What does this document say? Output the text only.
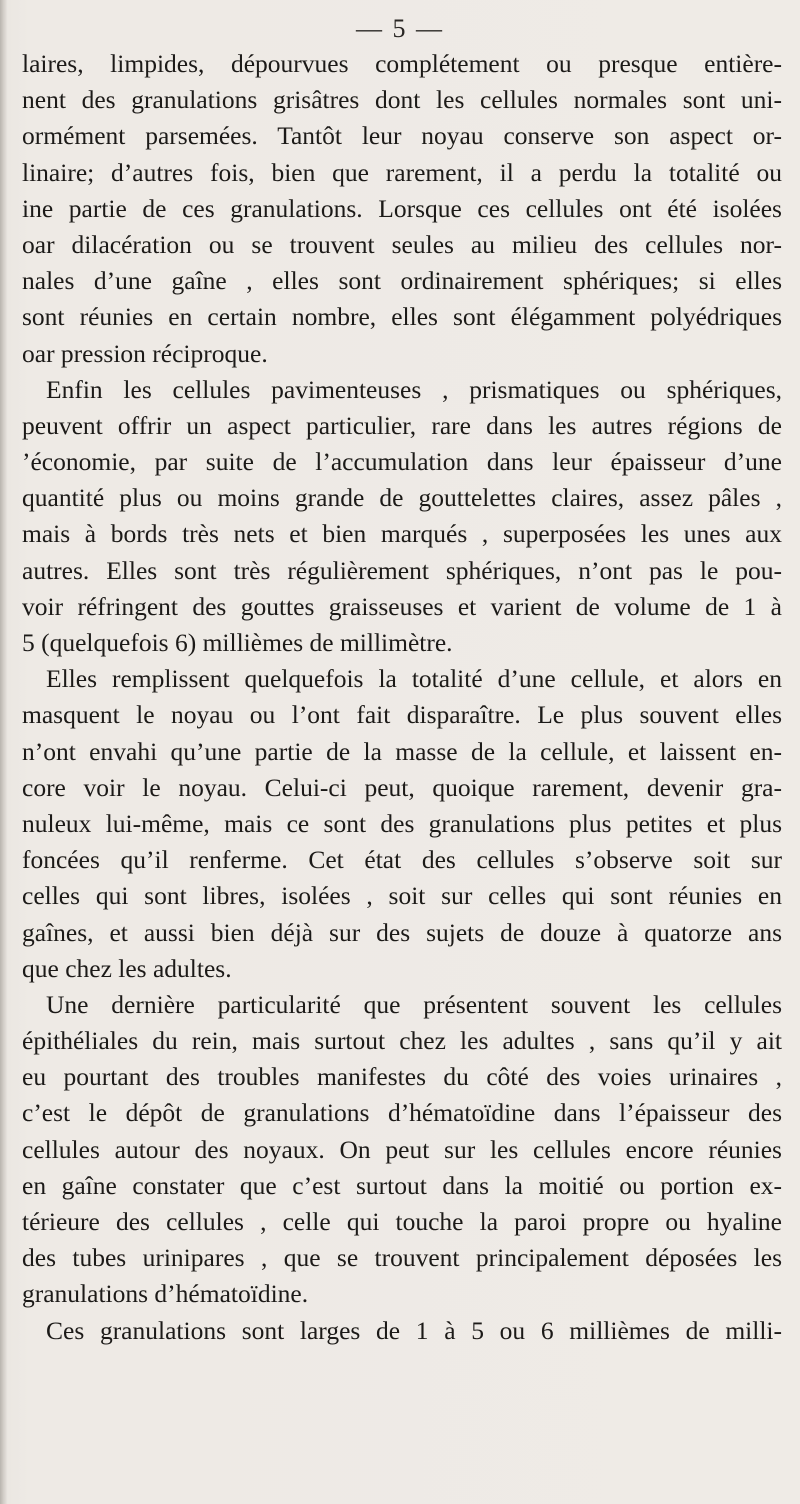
— 5 —
laires, limpides, dépourvues complétement ou presque entière-
nent des granulations grisâtres dont les cellules normales sont uni-
ormément parsemées. Tantôt leur noyau conserve son aspect or-
linaire; d’autres fois, bien que rarement, il a perdu la totalité ou
ine partie de ces granulations. Lorsque ces cellules ont été isolées
oar dilacération ou se trouvent seules au milieu des cellules nor-
nales d’une gaîne , elles sont ordinairement sphériques; si elles
sont réunies en certain nombre, elles sont élégamment polyédriques
oar pression réciproque.
Enfin les cellules pavimenteuses , prismatiques ou sphériques,
peuvent offrir un aspect particulier, rare dans les autres régions de
’économie, par suite de l’accumulation dans leur épaisseur d’une
quantité plus ou moins grande de gouttelettes claires, assez pâles ,
mais à bords très nets et bien marqués , superposées les unes aux
autres. Elles sont très régulièrement sphériques, n’ont pas le pou-
voir réfringent des gouttes graisseuses et varient de volume de 1 à
5 (quelquefois 6) millièmes de millimètre.
Elles remplissent quelquefois la totalité d’une cellule, et alors en
masquent le noyau ou l’ont fait disparaître. Le plus souvent elles
n’ont envahi qu’une partie de la masse de la cellule, et laissent en-
core voir le noyau. Celui-ci peut, quoique rarement, devenir gra-
nuleux lui-même, mais ce sont des granulations plus petites et plus
foncées qu’il renferme. Cet état des cellules s’observe soit sur
celles qui sont libres, isolées , soit sur celles qui sont réunies en
gaînes, et aussi bien déjà sur des sujets de douze à quatorze ans
que chez les adultes.
Une dernière particularité que présentent souvent les cellules
épithéliales du rein, mais surtout chez les adultes , sans qu’il y ait
eu pourtant des troubles manifestes du côté des voies urinaires ,
c’est le dépôt de granulations d’hématoïdine dans l’épaisseur des
cellules autour des noyaux. On peut sur les cellules encore réunies
en gaîne constater que c’est surtout dans la moitié ou portion ex-
térieure des cellules , celle qui touche la paroi propre ou hyaline
des tubes urinipares , que se trouvent principalement déposées les
granulations d’hématoïdine.
Ces granulations sont larges de 1 à 5 ou 6 millièmes de milli-
